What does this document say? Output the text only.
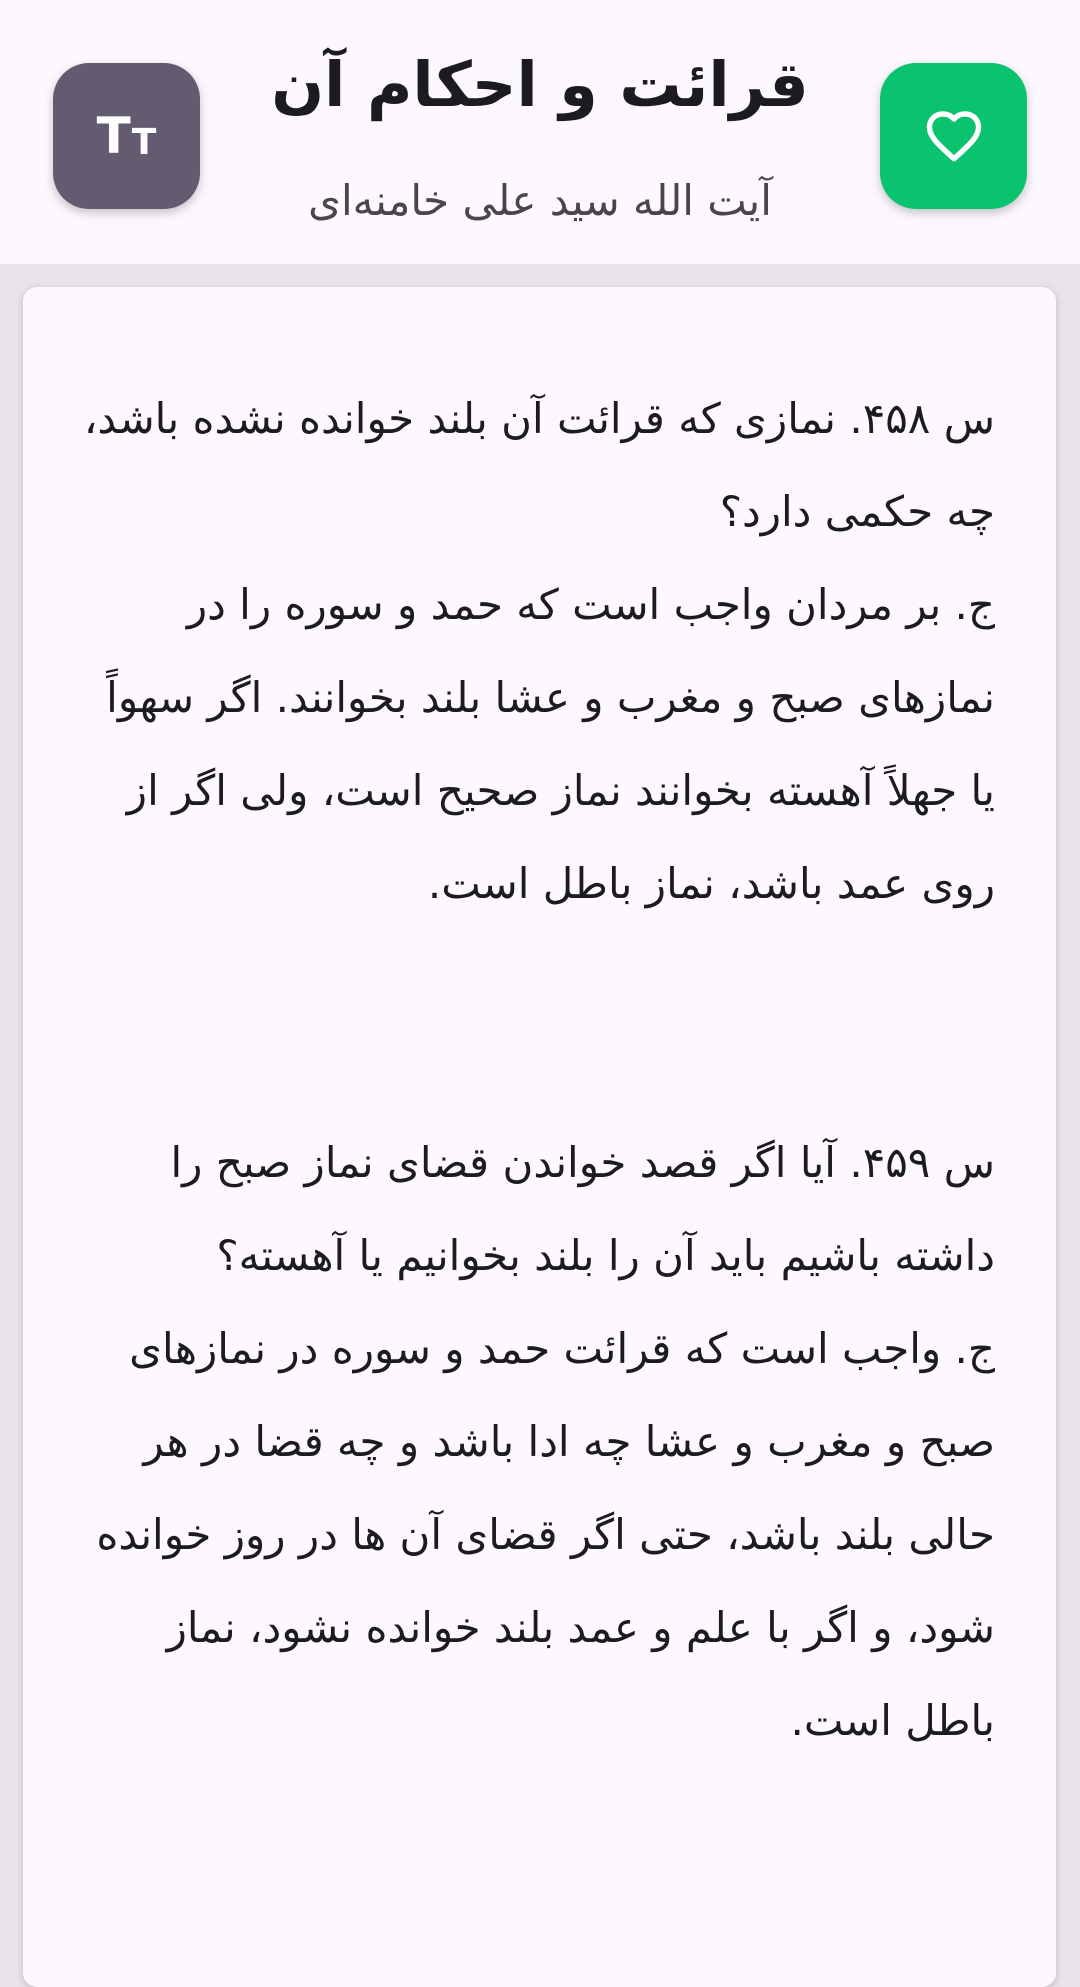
T T
قرائت و احکام آن
آیت الله سید علی خامنه‌ای

س ۴۵۸. نمازی که قرائت آن بلند خوانده نشده باشد، چه حکمی دارد؟

ج. بر مردان واجب است که حمد و سوره را در نمازهای صبح و مغرب و عشا بلند بخوانند. اگر سهواً یا جهلاً آهسته بخوانند نماز صحیح است، ولی اگر از روی عمد باشد، نماز باطل است.

س ۴۵۹. آیا اگر قصد خواندن قضای نماز صبح را داشته باشیم باید آن را بلند بخوانیم یا آهسته؟

ج. واجب است که قرائت حمد و سوره در نمازهای صبح و مغرب و عشا چه ادا باشد و چه قضا در هر حالی بلند باشد، حتی اگر قضای آن ها در روز خوانده شود، و اگر با علم و عمد بلند خوانده نشود، نماز باطل است.
